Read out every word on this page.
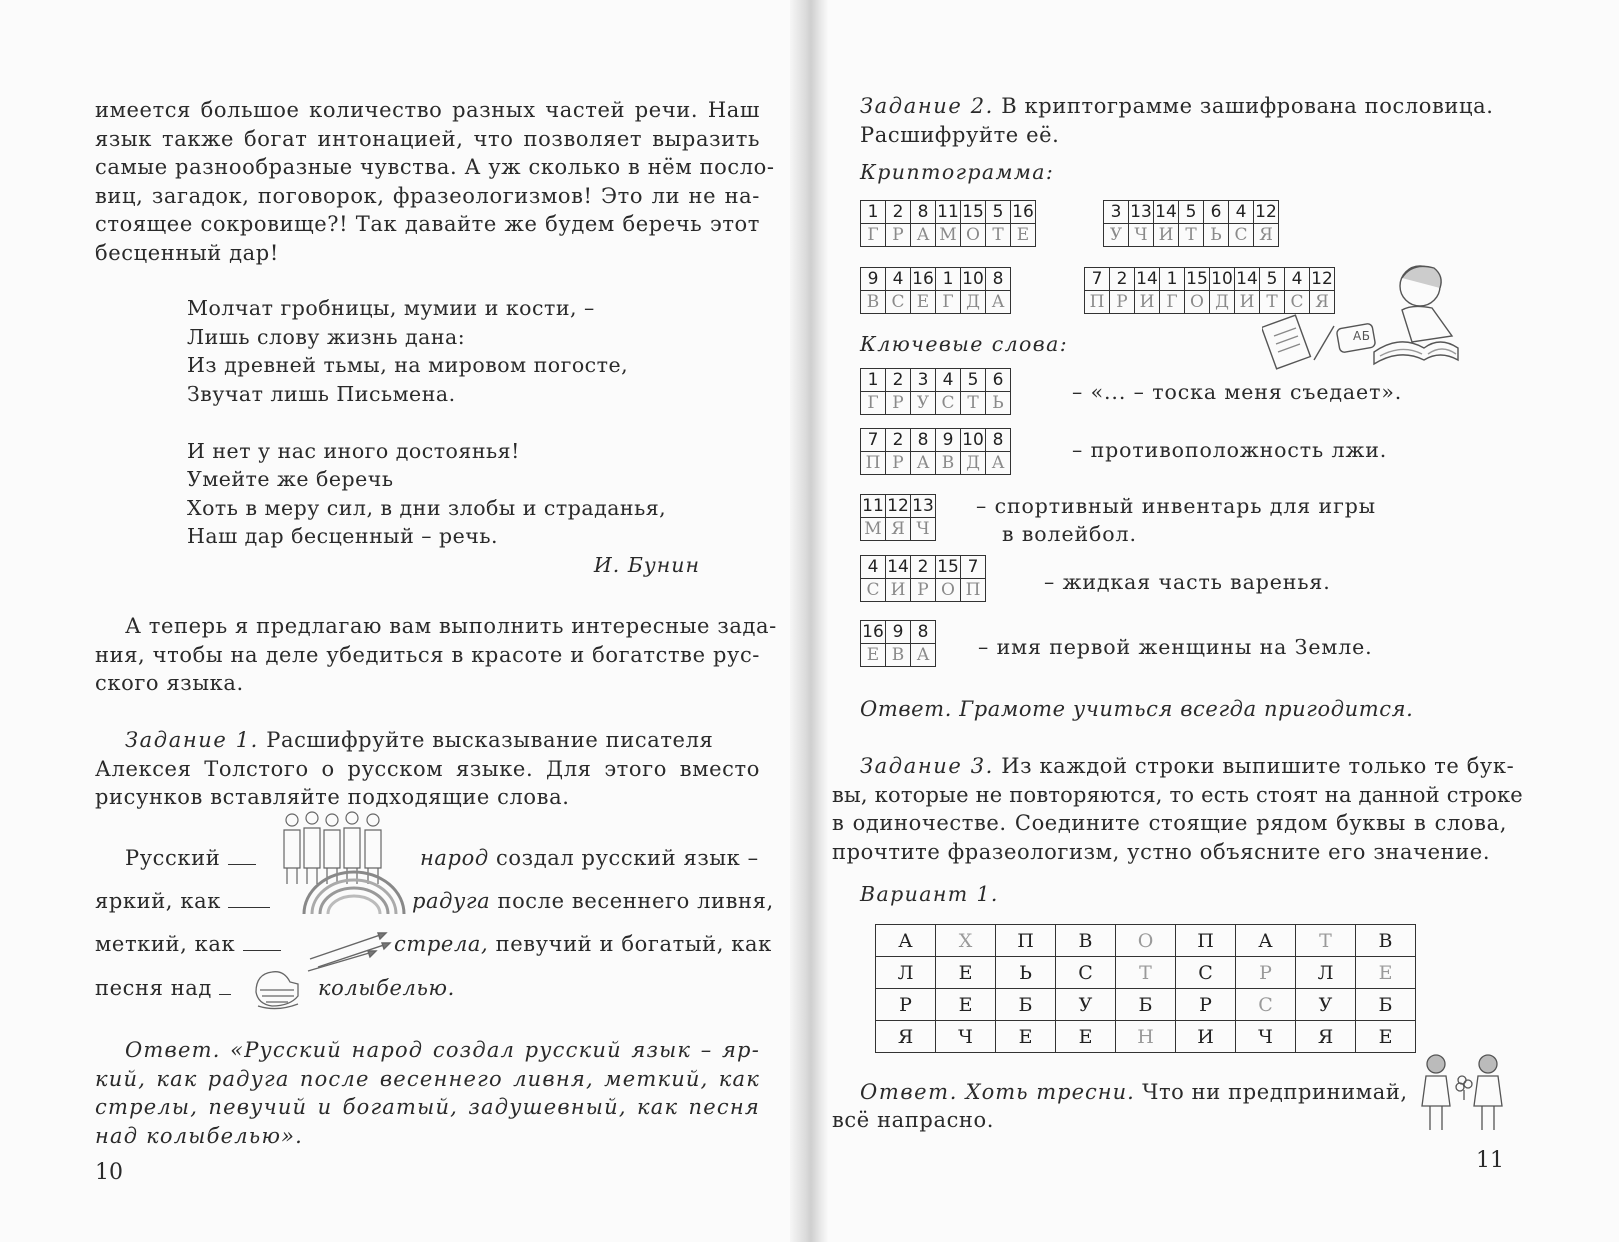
имеется большое количество разных частей речи. Наш
язык также богат интонацией, что позволяет выразить
самые разнообразные чувства. А уж сколько в нём посло-
виц, загадок, поговорок, фразеологизмов! Это ли не на-
стоящее сокровище?! Так давайте же будем беречь этот
бесценный дар!
Молчат гробницы, мумии и кости, –
Лишь слову жизнь дана:
Из древней тьмы, на мировом погосте,
Звучат лишь Письмена.
И нет у нас иного достоянья!
Умейте же беречь
Хоть в меру сил, в дни злобы и страданья,
Наш дар бесценный – речь.
И. Бунин
А теперь я предлагаю вам выполнить интересные зада-
ния, чтобы на деле убедиться в красоте и богатстве рус-
ского языка.
Задание 1. Расшифруйте высказывание писателя
Алексея Толстого о русском языке. Для этого вместо
рисунков вставляйте подходящие слова.
Русский	народ создал русский язык –
яркий, как	радуга после весеннего ливня,
меткий, как	стрела, певучий и богатый, как
песня над	колыбелью.
Ответ. «Русский народ создал русский язык – яр-
кий, как радуга после весеннего ливня, меткий, как
стрелы, певучий и богатый, задушевный, как песня
над колыбелью».
10
Задание 2. В криптограмме зашифрована пословица.
Расшифруйте её.
Криптограмма:
1	2	8	11	15	5	16
Г	Р	А	М	О	Т	Е
3	13	14	5	6	4	12
У	Ч	И	Т	Ь	С	Я
9	4	16	1	10	8
В	С	Е	Г	Д	А
7	2	14	1	15	10	14	5	4	12
П	Р	И	Г	О	Д	И	Т	С	Я
АБ
Ключевые слова:
1	2	3	4	5	6
Г	Р	У	С	Т	Ь	– «... – тоска меня съедает».
7	2	8	9	10	8
П	Р	А	В	Д	А
– противоположность лжи.
11	12	13
М	Я	Ч
– спортивный инвентарь для игры
в волейбол.
4	14	2	15	7
С	И	Р	О	П	– жидкая часть варенья.
16	9	8
Е	В	А – имя первой женщины на Земле.
Ответ. Грамоте учиться всегда пригодится.
Задание 3. Из каждой строки выпишите только те бук-
вы, которые не повторяются, то есть стоят на данной строке
в одиночестве. Соедините стоящие рядом буквы в слова,
прочтите фразеологизм, устно объясните его значение.
Вариант 1.
А	Х	П	В	О	П	А	Т	В
Л	Е	Ь	С	Т	С	Р	Л	Е
Р	Е	Б	У	Б	Р	С	У	Б
Я	Ч	Е	Е	Н	И	Ч	Я	Е
Ответ. Хоть тресни. Что ни предпринимай,
всё напрасно.
11
